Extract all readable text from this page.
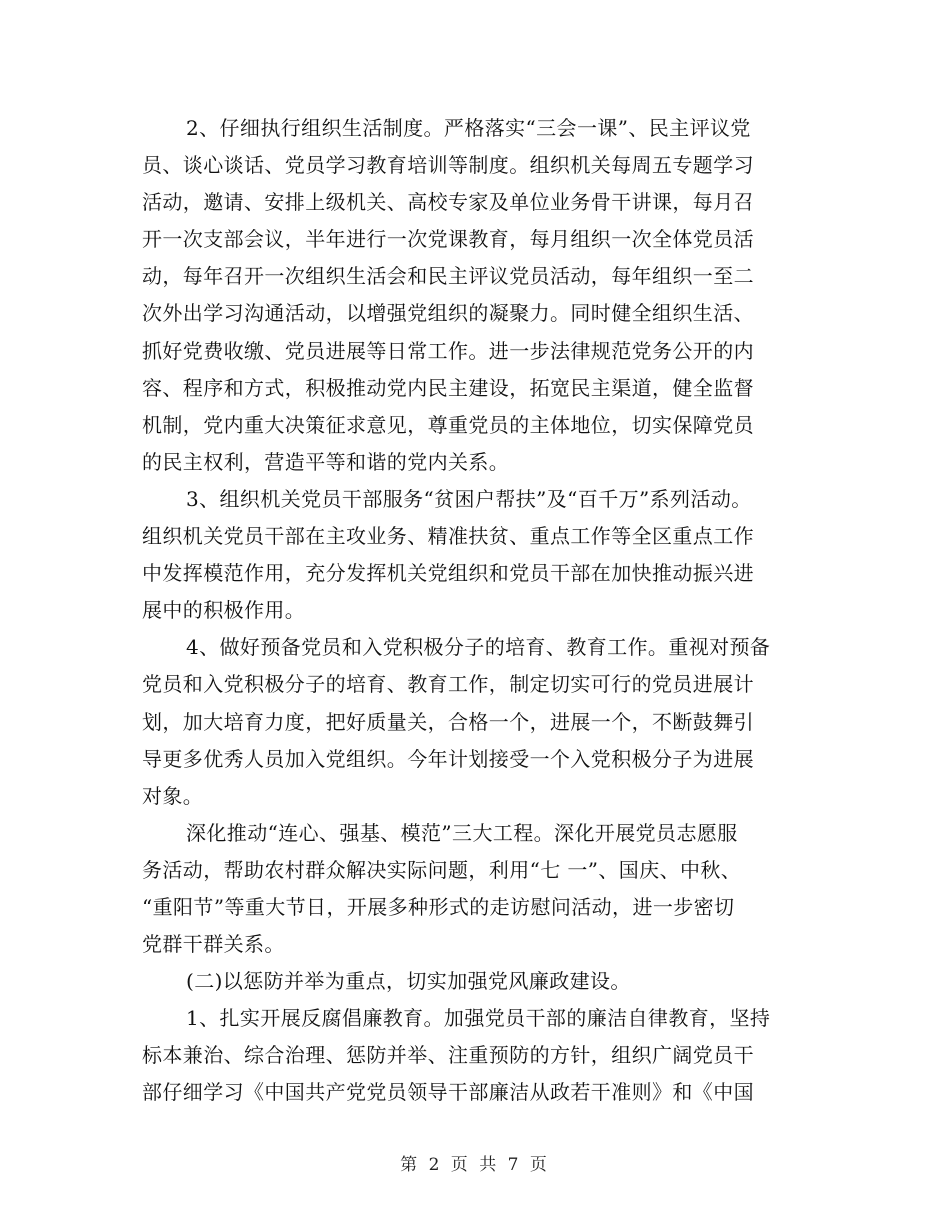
2、仔细执行组织生活制度。严格落实“三会一课”、民主评议党
员、谈心谈话、党员学习教育培训等制度。组织机关每周五专题学习
活动，邀请、安排上级机关、高校专家及单位业务骨干讲课，每月召
开一次支部会议，半年进行一次党课教育，每月组织一次全体党员活
动，每年召开一次组织生活会和民主评议党员活动，每年组织一至二
次外出学习沟通活动，以增强党组织的凝聚力。同时健全组织生活、
抓好党费收缴、党员进展等日常工作。进一步法律规范党务公开的内
容、程序和方式，积极推动党内民主建设，拓宽民主渠道，健全监督
机制，党内重大决策征求意见，尊重党员的主体地位，切实保障党员
的民主权利，营造平等和谐的党内关系。

3、组织机关党员干部服务“贫困户帮扶”及“百千万”系列活动。
组织机关党员干部在主攻业务、精准扶贫、重点工作等全区重点工作
中发挥模范作用，充分发挥机关党组织和党员干部在加快推动振兴进
展中的积极作用。

4、做好预备党员和入党积极分子的培育、教育工作。重视对预备
党员和入党积极分子的培育、教育工作，制定切实可行的党员进展计
划，加大培育力度，把好质量关，合格一个，进展一个，不断鼓舞引
导更多优秀人员加入党组织。今年计划接受一个入党积极分子为进展
对象。

深化推动“连心、强基、模范”三大工程。深化开展党员志愿服
务活动，帮助农村群众解决实际问题，利用“七 一”、国庆、中秋、
“重阳节”等重大节日，开展多种形式的走访慰问活动，进一步密切
党群干群关系。

(二)以惩防并举为重点，切实加强党风廉政建设。

1、扎实开展反腐倡廉教育。加强党员干部的廉洁自律教育，坚持
标本兼治、综合治理、惩防并举、注重预防的方针，组织广阔党员干
部仔细学习《中国共产党党员领导干部廉洁从政若干准则》和《中国

第 2 页 共 7 页
